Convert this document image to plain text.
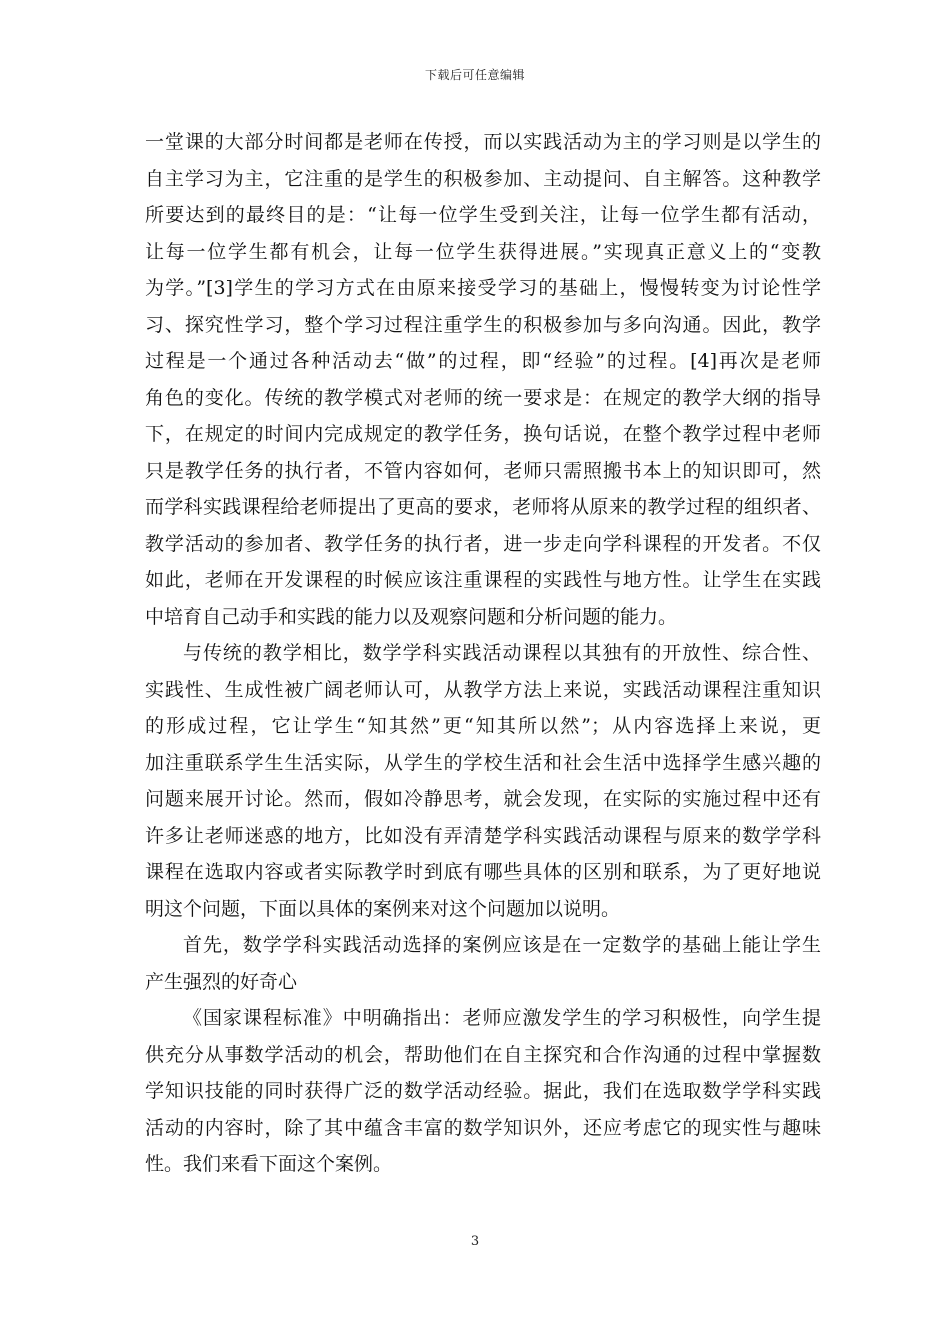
下载后可任意编辑
一堂课的大部分时间都是老师在传授，而以实践活动为主的学习则是以学生的
自主学习为主，它注重的是学生的积极参加、主动提问、自主解答。这种教学
所要达到的最终目的是：“让每一位学生受到关注，让每一位学生都有活动，
让每一位学生都有机会，让每一位学生获得进展。”实现真正意义上的“变教
为学。”[3]学生的学习方式在由原来接受学习的基础上，慢慢转变为讨论性学
习、探究性学习，整个学习过程注重学生的积极参加与多向沟通。因此，教学
过程是一个通过各种活动去“做”的过程，即“经验”的过程。[4]再次是老师
角色的变化。传统的教学模式对老师的统一要求是：在规定的教学大纲的指导
下，在规定的时间内完成规定的教学任务，换句话说，在整个教学过程中老师
只是教学任务的执行者，不管内容如何，老师只需照搬书本上的知识即可，然
而学科实践课程给老师提出了更高的要求，老师将从原来的教学过程的组织者、
教学活动的参加者、教学任务的执行者，进一步走向学科课程的开发者。不仅
如此，老师在开发课程的时候应该注重课程的实践性与地方性。让学生在实践
中培育自己动手和实践的能力以及观察问题和分析问题的能力。
与传统的教学相比，数学学科实践活动课程以其独有的开放性、综合性、
实践性、生成性被广阔老师认可，从教学方法上来说，实践活动课程注重知识
的形成过程，它让学生“知其然”更“知其所以然”；从内容选择上来说，更
加注重联系学生生活实际，从学生的学校生活和社会生活中选择学生感兴趣的
问题来展开讨论。然而，假如冷静思考，就会发现，在实际的实施过程中还有
许多让老师迷惑的地方，比如没有弄清楚学科实践活动课程与原来的数学学科
课程在选取内容或者实际教学时到底有哪些具体的区别和联系，为了更好地说
明这个问题，下面以具体的案例来对这个问题加以说明。
首先，数学学科实践活动选择的案例应该是在一定数学的基础上能让学生
产生强烈的好奇心
《国家课程标准》中明确指出：老师应激发学生的学习积极性，向学生提
供充分从事数学活动的机会，帮助他们在自主探究和合作沟通的过程中掌握数
学知识技能的同时获得广泛的数学活动经验。据此，我们在选取数学学科实践
活动的内容时，除了其中蕴含丰富的数学知识外，还应考虑它的现实性与趣味
性。我们来看下面这个案例。
3
